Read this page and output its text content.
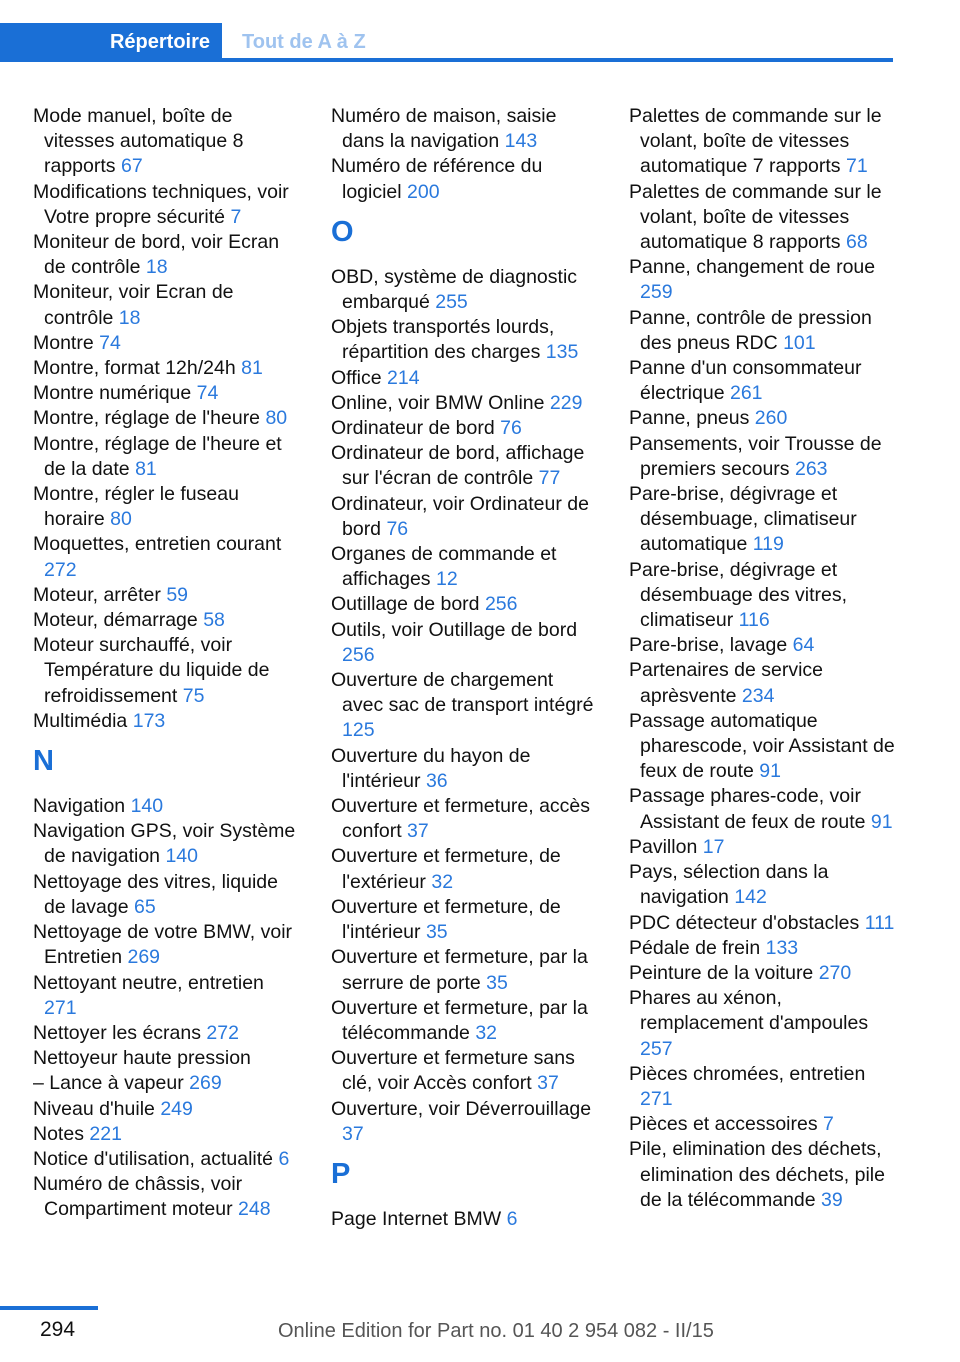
Répertoire	Tout de A à Z
Mode manuel, boîte de vitesses automatique 8 rapports 67
Modifications techniques, voir Votre propre sécurité 7
Moniteur de bord, voir Ecran de contrôle 18
Moniteur, voir Ecran de contrôle 18
Montre 74
Montre, format 12h/24h 81
Montre numérique 74
Montre, réglage de l'heure 80
Montre, réglage de l'heure et de la date 81
Montre, régler le fuseau horaire 80
Moquettes, entretien courant 272
Moteur, arrêter 59
Moteur, démarrage 58
Moteur surchauffé, voir Température du liquide de refroidissement 75
Multimédia 173
N
Navigation 140
Navigation GPS, voir Système de navigation 140
Nettoyage des vitres, liquide de lavage 65
Nettoyage de votre BMW, voir Entretien 269
Nettoyant neutre, entretien 271
Nettoyer les écrans 272
Nettoyeur haute pression
– Lance à vapeur 269
Niveau d'huile 249
Notes 221
Notice d'utilisation, actualité 6
Numéro de châssis, voir Compartiment moteur 248
Numéro de maison, saisie dans la navigation 143
Numéro de référence du logiciel 200
O
OBD, système de diagnostic embarqué 255
Objets transportés lourds, répartition des charges 135
Office 214
Online, voir BMW Online 229
Ordinateur de bord 76
Ordinateur de bord, affichage sur l'écran de contrôle 77
Ordinateur, voir Ordinateur de bord 76
Organes de commande et affichages 12
Outillage de bord 256
Outils, voir Outillage de bord 256
Ouverture de chargement avec sac de transport intégré 125
Ouverture du hayon de l'intérieur 36
Ouverture et fermeture, accès confort 37
Ouverture et fermeture, de l'extérieur 32
Ouverture et fermeture, de l'intérieur 35
Ouverture et fermeture, par la serrure de porte 35
Ouverture et fermeture, par la télécommande 32
Ouverture et fermeture sans clé, voir Accès confort 37
Ouverture, voir Déverrouillage 37
P
Page Internet BMW 6
Palettes de commande sur le volant, boîte de vitesses automatique 7 rapports 71
Palettes de commande sur le volant, boîte de vitesses automatique 8 rapports 68
Panne, changement de roue 259
Panne, contrôle de pression des pneus RDC 101
Panne d'un consommateur électrique 261
Panne, pneus 260
Pansements, voir Trousse de premiers secours 263
Pare-brise, dégivrage et désembuage, climatiseur automatique 119
Pare-brise, dégivrage et désembuage des vitres, climatiseur 116
Pare-brise, lavage 64
Partenaires de service aprèsvente 234
Passage automatique pharescode, voir Assistant de feux de route 91
Passage phares-code, voir Assistant de feux de route 91
Pavillon 17
Pays, sélection dans la navigation 142
PDC détecteur d'obstacles 111
Pédale de frein 133
Peinture de la voiture 270
Phares au xénon, remplacement d'ampoules 257
Pièces chromées, entretien 271
Pièces et accessoires 7
Pile, elimination des déchets, elimination des déchets, pile de la télécommande 39
294	Online Edition for Part no. 01 40 2 954 082 - II/15
